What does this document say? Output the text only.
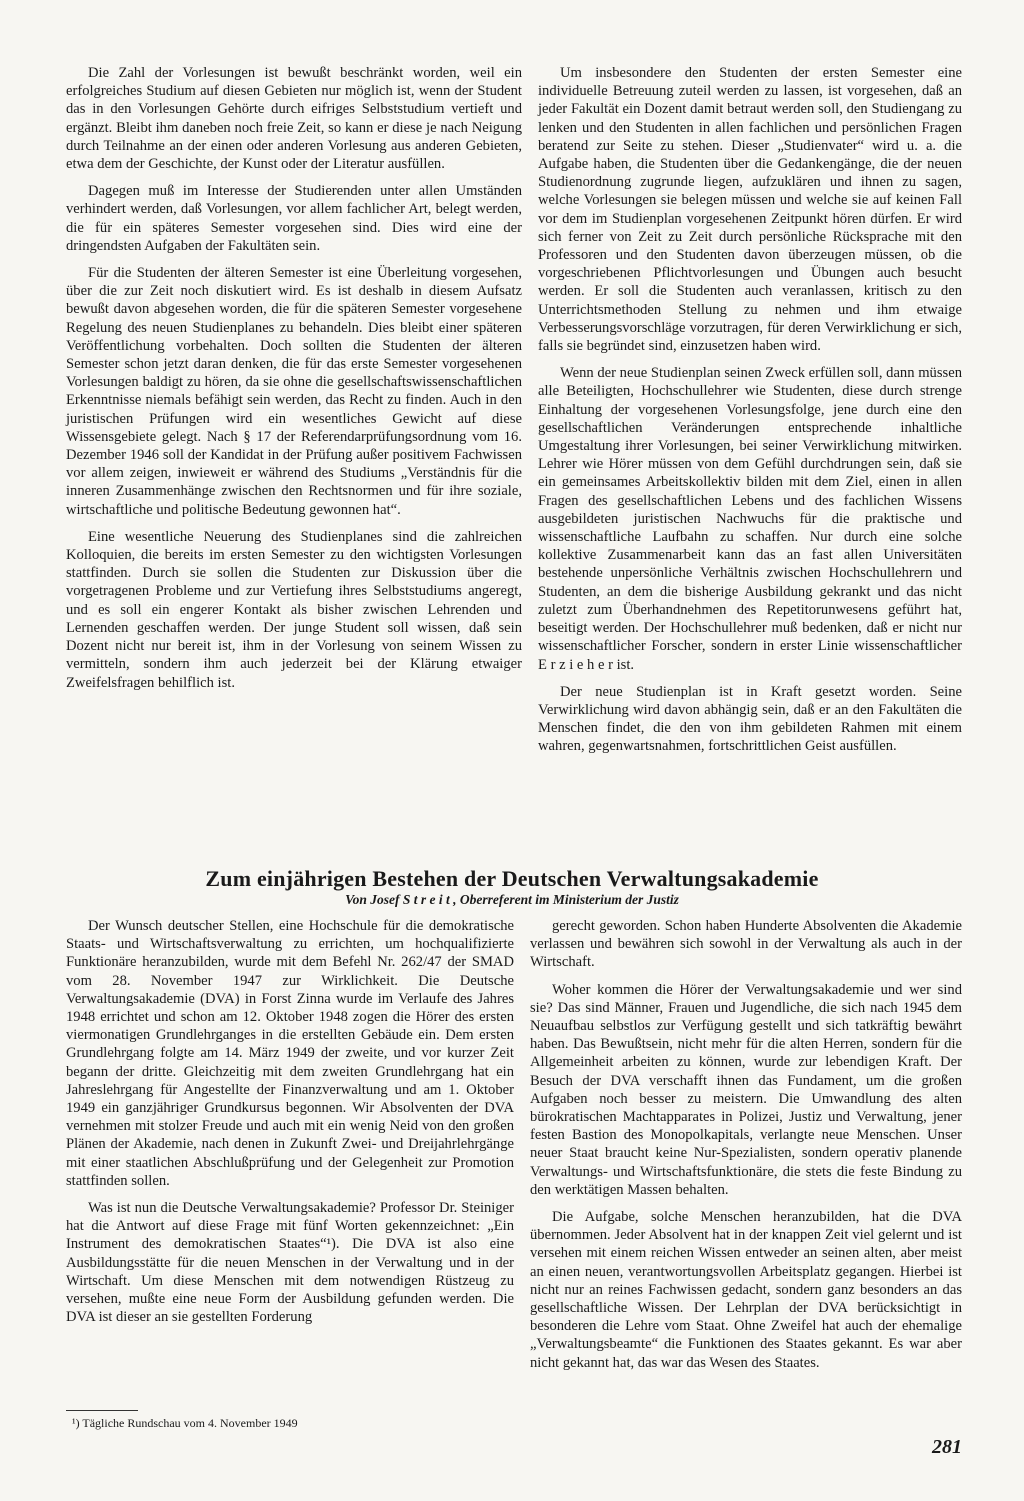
Die Zahl der Vorlesungen ist bewußt beschränkt worden, weil ein erfolgreiches Studium auf diesen Gebieten nur möglich ist, wenn der Student das in den Vorlesungen Gehörte durch eifriges Selbststudium vertieft und ergänzt. Bleibt ihm daneben noch freie Zeit, so kann er diese je nach Neigung durch Teilnahme an der einen oder anderen Vorlesung aus anderen Gebieten, etwa dem der Geschichte, der Kunst oder der Literatur ausfüllen.

Dagegen muß im Interesse der Studierenden unter allen Umständen verhindert werden, daß Vorlesungen, vor allem fachlicher Art, belegt werden, die für ein späteres Semester vorgesehen sind. Dies wird eine der dringendsten Aufgaben der Fakultäten sein.

Für die Studenten der älteren Semester ist eine Überleitung vorgesehen, über die zur Zeit noch diskutiert wird. Es ist deshalb in diesem Aufsatz bewußt davon abgesehen worden, die für die späteren Semester vorgesehene Regelung des neuen Studienplanes zu behandeln. Dies bleibt einer späteren Veröffentlichung vorbehalten. Doch sollten die Studenten der älteren Semester schon jetzt daran denken, die für das erste Semester vorgesehenen Vorlesungen baldigt zu hören, da sie ohne die gesellschaftswissenschaftlichen Erkenntnisse niemals befähigt sein werden, das Recht zu finden. Auch in den juristischen Prüfungen wird ein wesentliches Gewicht auf diese Wissensgebiete gelegt. Nach § 17 der Referendarprüfungsordnung vom 16. Dezember 1946 soll der Kandidat in der Prüfung außer positivem Fachwissen vor allem zeigen, inwieweit er während des Studiums „Verständnis für die inneren Zusammenhänge zwischen den Rechtsnormen und für ihre soziale, wirtschaftliche und politische Bedeutung gewonnen hat“.

Eine wesentliche Neuerung des Studienplanes sind die zahlreichen Kolloquien, die bereits im ersten Semester zu den wichtigsten Vorlesungen stattfinden. Durch sie sollen die Studenten zur Diskussion über die vorgetragenen Probleme und zur Vertiefung ihres Selbststudiums angeregt, und es soll ein engerer Kontakt als bisher zwischen Lehrenden und Lernenden geschaffen werden. Der junge Student soll wissen, daß sein Dozent nicht nur bereit ist, ihm in der Vorlesung von seinem Wissen zu vermitteln, sondern ihm auch jederzeit bei der Klärung etwaiger Zweifelsfragen behilflich ist.

Um insbesondere den Studenten der ersten Semester eine individuelle Betreuung zuteil werden zu lassen, ist vorgesehen, daß an jeder Fakultät ein Dozent damit betraut werden soll, den Studiengang zu lenken und den Studenten in allen fachlichen und persönlichen Fragen beratend zur Seite zu stehen. Dieser „Studienvater“ wird u. a. die Aufgabe haben, die Studenten über die Gedankengänge, die der neuen Studienordnung zugrunde liegen, aufzuklären und ihnen zu sagen, welche Vorlesungen sie belegen müssen und welche sie auf keinen Fall vor dem im Studienplan vorgesehenen Zeitpunkt hören dürfen. Er wird sich ferner von Zeit zu Zeit durch persönliche Rücksprache mit den Professoren und den Studenten davon überzeugen müssen, ob die vorgeschriebenen Pflichtvorlesungen und Übungen auch besucht werden. Er soll die Studenten auch veranlassen, kritisch zu den Unterrichtsmethoden Stellung zu nehmen und ihm etwaige Verbesserungsvorschläge vorzutragen, für deren Verwirklichung er sich, falls sie begründet sind, einzusetzen haben wird.

Wenn der neue Studienplan seinen Zweck erfüllen soll, dann müssen alle Beteiligten, Hochschullehrer wie Studenten, diese durch strenge Einhaltung der vorgesehenen Vorlesungsfolge, jene durch eine den gesellschaftlichen Veränderungen entsprechende inhaltliche Umgestaltung ihrer Vorlesungen, bei seiner Verwirklichung mitwirken. Lehrer wie Hörer müssen von dem Gefühl durchdrungen sein, daß sie ein gemeinsames Arbeitskollektiv bilden mit dem Ziel, einen in allen Fragen des gesellschaftlichen Lebens und des fachlichen Wissens ausgebildeten juristischen Nachwuchs für die praktische und wissenschaftliche Laufbahn zu schaffen. Nur durch eine solche kollektive Zusammenarbeit kann das an fast allen Universitäten bestehende unpersönliche Verhältnis zwischen Hochschullehrern und Studenten, an dem die bisherige Ausbildung gekrankt und das nicht zuletzt zum Überhandnehmen des Repetitorunwesens geführt hat, beseitigt werden. Der Hochschullehrer muß bedenken, daß er nicht nur wissenschaftlicher Forscher, sondern in erster Linie wissenschaftlicher E r z i e h e r ist.

Der neue Studienplan ist in Kraft gesetzt worden. Seine Verwirklichung wird davon abhängig sein, daß er an den Fakultäten die Menschen findet, die den von ihm gebildeten Rahmen mit einem wahren, gegenwartsnahmen, fortschrittlichen Geist ausfüllen.

Zum einjährigen Bestehen der Deutschen Verwaltungsakademie

Von Josef S t r e i t , Oberreferent im Ministerium der Justiz

Der Wunsch deutscher Stellen, eine Hochschule für die demokratische Staats- und Wirtschaftsverwaltung zu errichten, um hochqualifizierte Funktionäre heranzubilden, wurde mit dem Befehl Nr. 262/47 der SMAD vom 28. November 1947 zur Wirklichkeit. Die Deutsche Verwaltungsakademie (DVA) in Forst Zinna wurde im Verlaufe des Jahres 1948 errichtet und schon am 12. Oktober 1948 zogen die Hörer des ersten viermonatigen Grundlehrganges in die erstellten Gebäude ein. Dem ersten Grundlehrgang folgte am 14. März 1949 der zweite, und vor kurzer Zeit begann der dritte. Gleichzeitig mit dem zweiten Grundlehrgang hat ein Jahreslehrgang für Angestellte der Finanzverwaltung und am 1. Oktober 1949 ein ganzjähriger Grundkursus begonnen. Wir Absolventen der DVA vernehmen mit stolzer Freude und auch mit ein wenig Neid von den großen Plänen der Akademie, nach denen in Zukunft Zwei- und Dreijahrlehrgänge mit einer staatlichen Abschlußprüfung und der Gelegenheit zur Promotion stattfinden sollen.

Was ist nun die Deutsche Verwaltungsakademie? Professor Dr. Steiniger hat die Antwort auf diese Frage mit fünf Worten gekennzeichnet: „Ein Instrument des demokratischen Staates“¹). Die DVA ist also eine Ausbildungsstätte für die neuen Menschen in der Verwaltung und in der Wirtschaft. Um diese Menschen mit dem notwendigen Rüstzeug zu versehen, mußte eine neue Form der Ausbildung gefunden werden. Die DVA ist dieser an sie gestellten Forderung

gerecht geworden. Schon haben Hunderte Absolventen die Akademie verlassen und bewähren sich sowohl in der Verwaltung als auch in der Wirtschaft.

Woher kommen die Hörer der Verwaltungsakademie und wer sind sie? Das sind Männer, Frauen und Jugendliche, die sich nach 1945 dem Neuaufbau selbstlos zur Verfügung gestellt und sich tatkräftig bewährt haben. Das Bewußtsein, nicht mehr für die alten Herren, sondern für die Allgemeinheit arbeiten zu können, wurde zur lebendigen Kraft. Der Besuch der DVA verschafft ihnen das Fundament, um die großen Aufgaben noch besser zu meistern. Die Umwandlung des alten bürokratischen Machtapparates in Polizei, Justiz und Verwaltung, jener festen Bastion des Monopolkapitals, verlangte neue Menschen. Unser neuer Staat braucht keine Nur-Spezialisten, sondern operativ planende Verwaltungs- und Wirtschaftsfunktionäre, die stets die feste Bindung zu den werktätigen Massen behalten.

Die Aufgabe, solche Menschen heranzubilden, hat die DVA übernommen. Jeder Absolvent hat in der knappen Zeit viel gelernt und ist versehen mit einem reichen Wissen entweder an seinen alten, aber meist an einen neuen, verantwortungsvollen Arbeitsplatz gegangen. Hierbei ist nicht nur an reines Fachwissen gedacht, sondern ganz besonders an das gesellschaftliche Wissen. Der Lehrplan der DVA berücksichtigt in besonderen die Lehre vom Staat. Ohne Zweifel hat auch der ehemalige „Verwaltungsbeamte“ die Funktionen des Staates gekannt. Es war aber nicht gekannt hat, das war das Wesen des Staates.

¹) Tägliche Rundschau vom 4. November 1949

281
